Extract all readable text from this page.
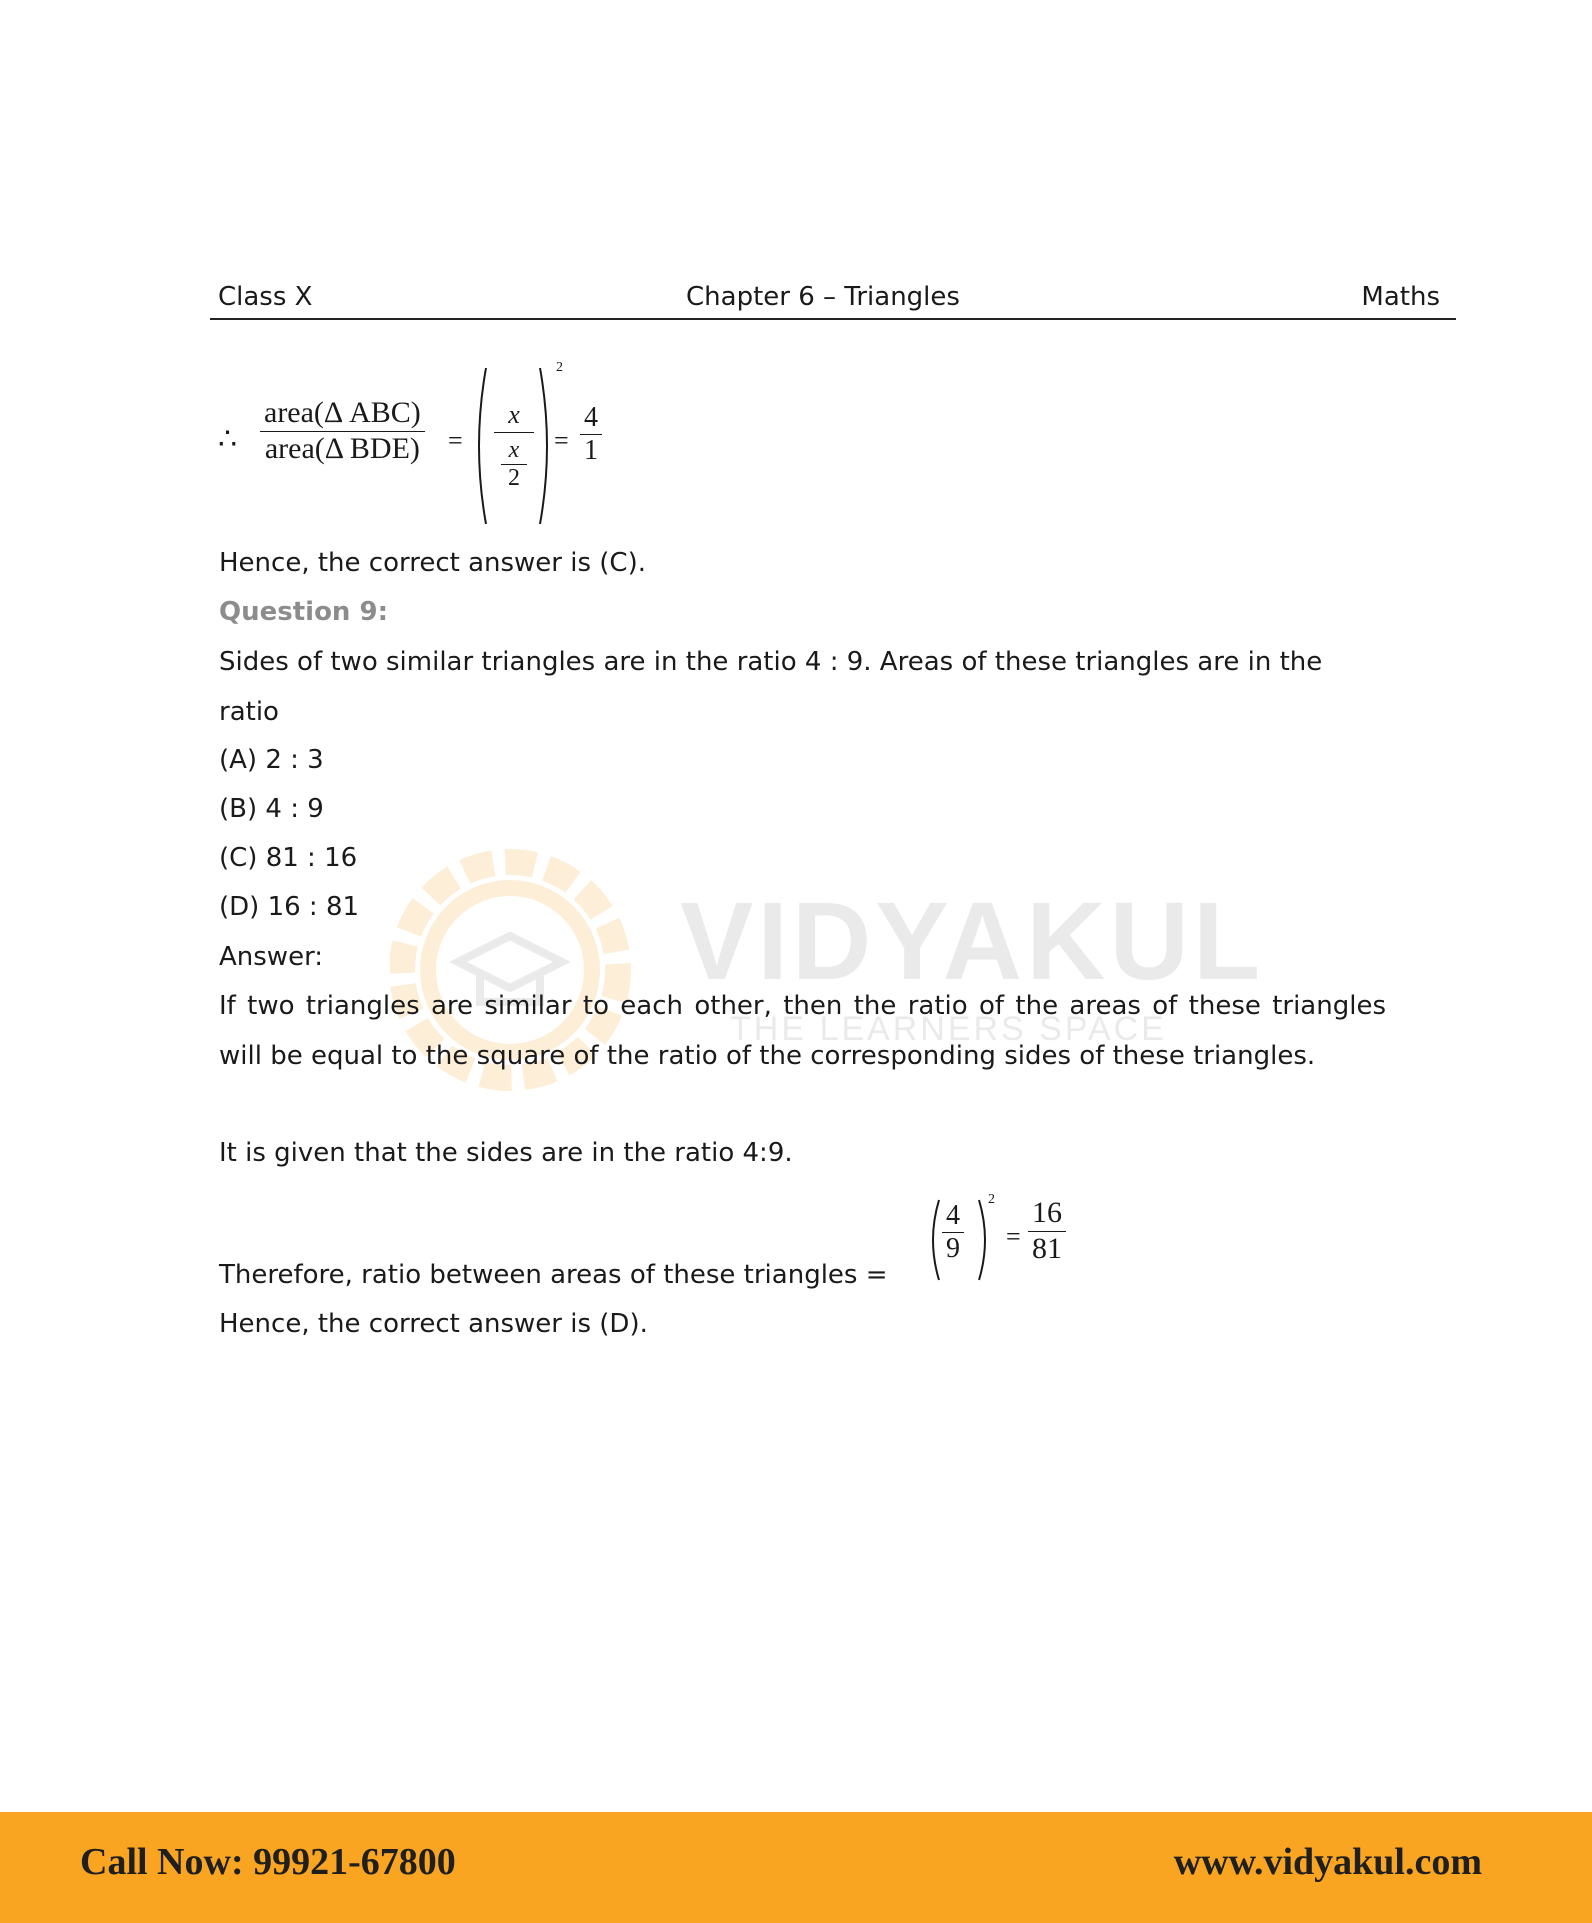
Class X	Chapter 6 – Triangles	Maths
∴
area(Δ ABC)
area(Δ BDE) =
x
$\frac{x}{2}$
2
=
4
1
VIDYAKUL
THE LEARNERS SPACE
Hence, the correct answer is (C).
Question 9:
Sides of two similar triangles are in the ratio 4 : 9. Areas of these triangles are in the ratio
(A) 2 : 3
(B) 4 : 9
(C) 81 : 16
(D) 16 : 81
Answer:
If two triangles are similar to each other, then the ratio of the areas of these triangles will be equal to the square of the ratio of the corresponding sides of these triangles.
It is given that the sides are in the ratio 4:9.
Therefore, ratio between areas of these triangles =
Hence, the correct answer is (D).
4
9
2
=
16
81
Call Now: 99921-67800	www.vidyakul.com
